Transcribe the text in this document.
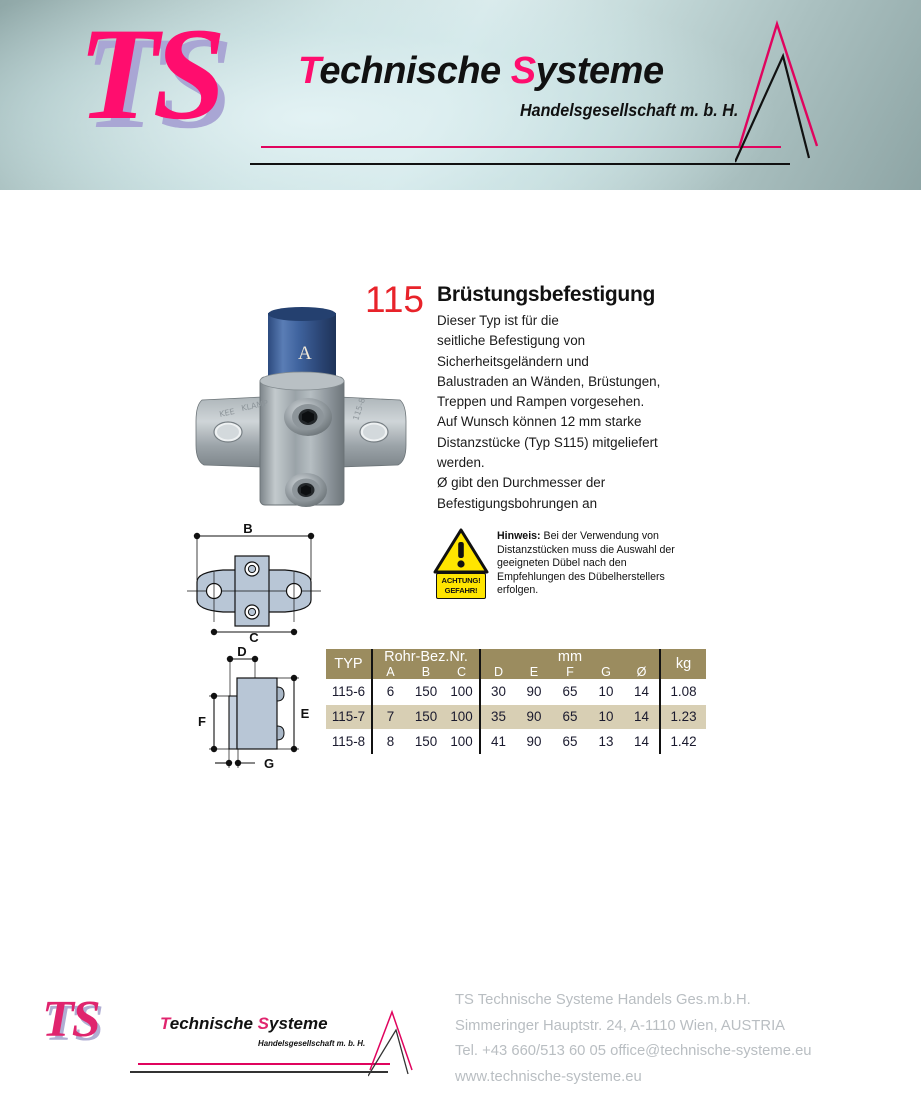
TS Technische Systeme
Handelsgesellschaft m. b. H.
KEE
KLAMP	115-8
A
115 Brüstungsbefestigung
Dieser Typ ist für die
seitliche Befestigung von
Sicherheitsgeländern und
Balustraden an Wänden, Brüstungen,
Treppen und Rampen vorgesehen.
Auf Wunsch können 12 mm starke
Distanzstücke (Typ S115) mitgeliefert
werden.
Ø gibt den Durchmesser der
Befestigungsbohrungen an
ACHTUNG!
GEFAHR!
Hinweis: Bei der Verwendung von Distanzstücken muss die Auswahl der geeigneten Dübel nach den Empfehlungen des Dübelherstellers erfolgen.
B
C
D
E
F
G
TYP	Rohr-Bez.Nr.			mm					kg
	A	B	C	D	E	F	G	Ø	
115-6	6	150	100	30	90	65	10	14	1.08
115-7	7	150	100	35	90	65	10	14	1.23
115-8	8	150	100	41	90	65	13	14	1.42
TS	Technische Systeme
Handelsgesellschaft m. b. H.
TS Technische Systeme Handels Ges.m.b.H.
Simmeringer Hauptstr. 24, A-1110 Wien, AUSTRIA
Tel. +43 660/513 60 05 office@technische-systeme.eu
www.technische-systeme.eu
